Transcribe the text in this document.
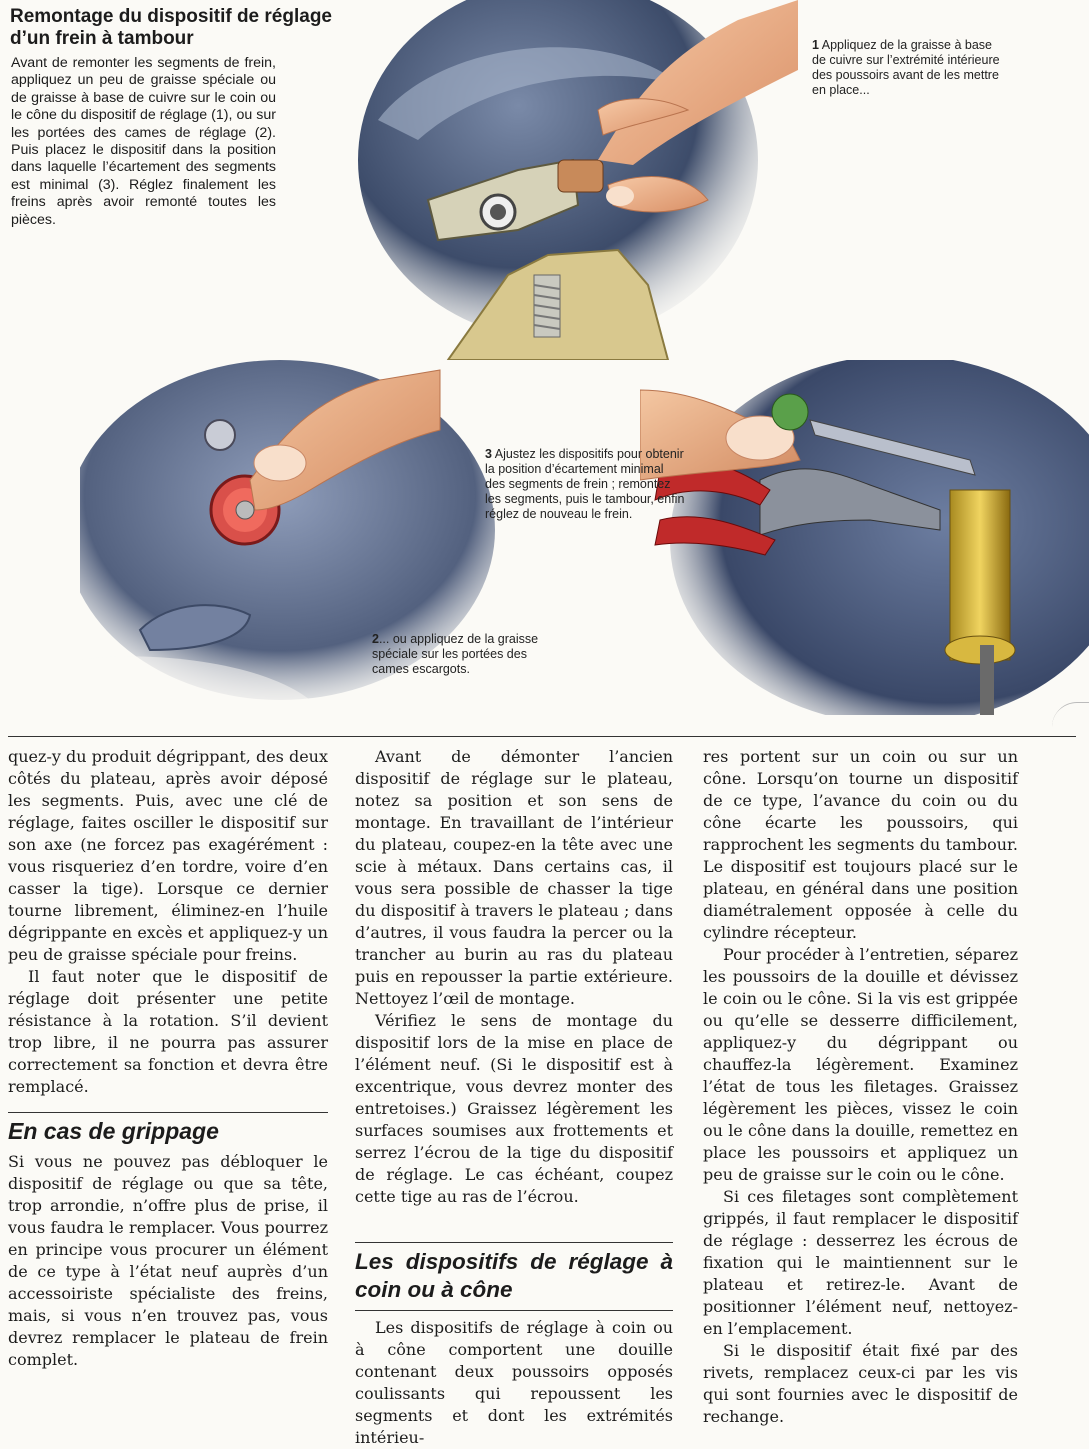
Remontage du dispositif de réglage d’un frein à tambour

Avant de remonter les segments de frein, appliquez un peu de graisse spéciale ou de graisse à base de cuivre sur le coin ou le cône du dispositif de réglage (1), ou sur les portées des cames de réglage (2). Puis placez le dispositif dans la position dans laquelle l’écartement des segments est minimal (3). Réglez finalement les freins après avoir remonté toutes les pièces.

1 Appliquez de la graisse à base de cuivre sur l’extrémité intérieure des poussoirs avant de les mettre en place...

2... ou appliquez de la graisse spéciale sur les portées des cames escargots.

3 Ajustez les dispositifs pour obtenir la position d’écartement minimal des segments de frein ; remontez les segments, puis le tambour, enfin réglez de nouveau le frein.

quez-y du produit dégrippant, des deux côtés du plateau, après avoir déposé les segments. Puis, avec une clé de réglage, faites osciller le dispositif sur son axe (ne forcez pas exagérément : vous risqueriez d’en tordre, voire d’en casser la tige). Lorsque ce dernier tourne librement, éliminez-en l’huile dégrippante en excès et appliquez-y un peu de graisse spéciale pour freins.

Il faut noter que le dispositif de réglage doit présenter une petite résistance à la rotation. S’il devient trop libre, il ne pourra pas assurer correctement sa fonction et devra être remplacé.

En cas de grippage

Si vous ne pouvez pas débloquer le dispositif de réglage ou que sa tête, trop arrondie, n’offre plus de prise, il vous faudra le remplacer. Vous pourrez en principe vous procurer un élément de ce type à l’état neuf auprès d’un accessoiriste spécialiste des freins, mais, si vous n’en trouvez pas, vous devrez remplacer le plateau de frein complet.

Avant de démonter l’ancien dispositif de réglage sur le plateau, notez sa position et son sens de montage. En travaillant de l’intérieur du plateau, coupez-en la tête avec une scie à métaux. Dans certains cas, il vous sera possible de chasser la tige du dispositif à travers le plateau ; dans d’autres, il vous faudra la percer ou la trancher au burin au ras du plateau puis en repousser la partie extérieure. Nettoyez l’œil de montage.

Vérifiez le sens de montage du dispositif lors de la mise en place de l’élément neuf. (Si le dispositif est à excentrique, vous devrez monter des entretoises.) Graissez légèrement les surfaces soumises aux frottements et serrez l’écrou de la tige du dispositif de réglage. Le cas échéant, coupez cette tige au ras de l’écrou.

Les dispositifs de réglage à coin ou à cône

Les dispositifs de réglage à coin ou à cône comportent une douille contenant deux poussoirs opposés coulissants qui repoussent les segments et dont les extrémités intérieu-

res portent sur un coin ou sur un cône. Lorsqu’on tourne un dispositif de ce type, l’avance du coin ou du cône écarte les poussoirs, qui rapprochent les segments du tambour. Le dispositif est toujours placé sur le plateau, en général dans une position diamétralement opposée à celle du cylindre récepteur.

Pour procéder à l’entretien, séparez les poussoirs de la douille et dévissez le coin ou le cône. Si la vis est grippée ou qu’elle se desserre difficilement, appliquez-y du dégrippant ou chauffez-la légèrement. Examinez l’état de tous les filetages. Graissez légèrement les pièces, vissez le coin ou le cône dans la douille, remettez en place les poussoirs et appliquez un peu de graisse sur le coin ou le cône.

Si ces filetages sont complètement grippés, il faut remplacer le dispositif de réglage : desserrez les écrous de fixation qui le maintiennent sur le plateau et retirez-le. Avant de positionner l’élément neuf, nettoyez-en l’emplacement.

Si le dispositif était fixé par des rivets, remplacez ceux-ci par les vis qui sont fournies avec le dispositif de rechange.
